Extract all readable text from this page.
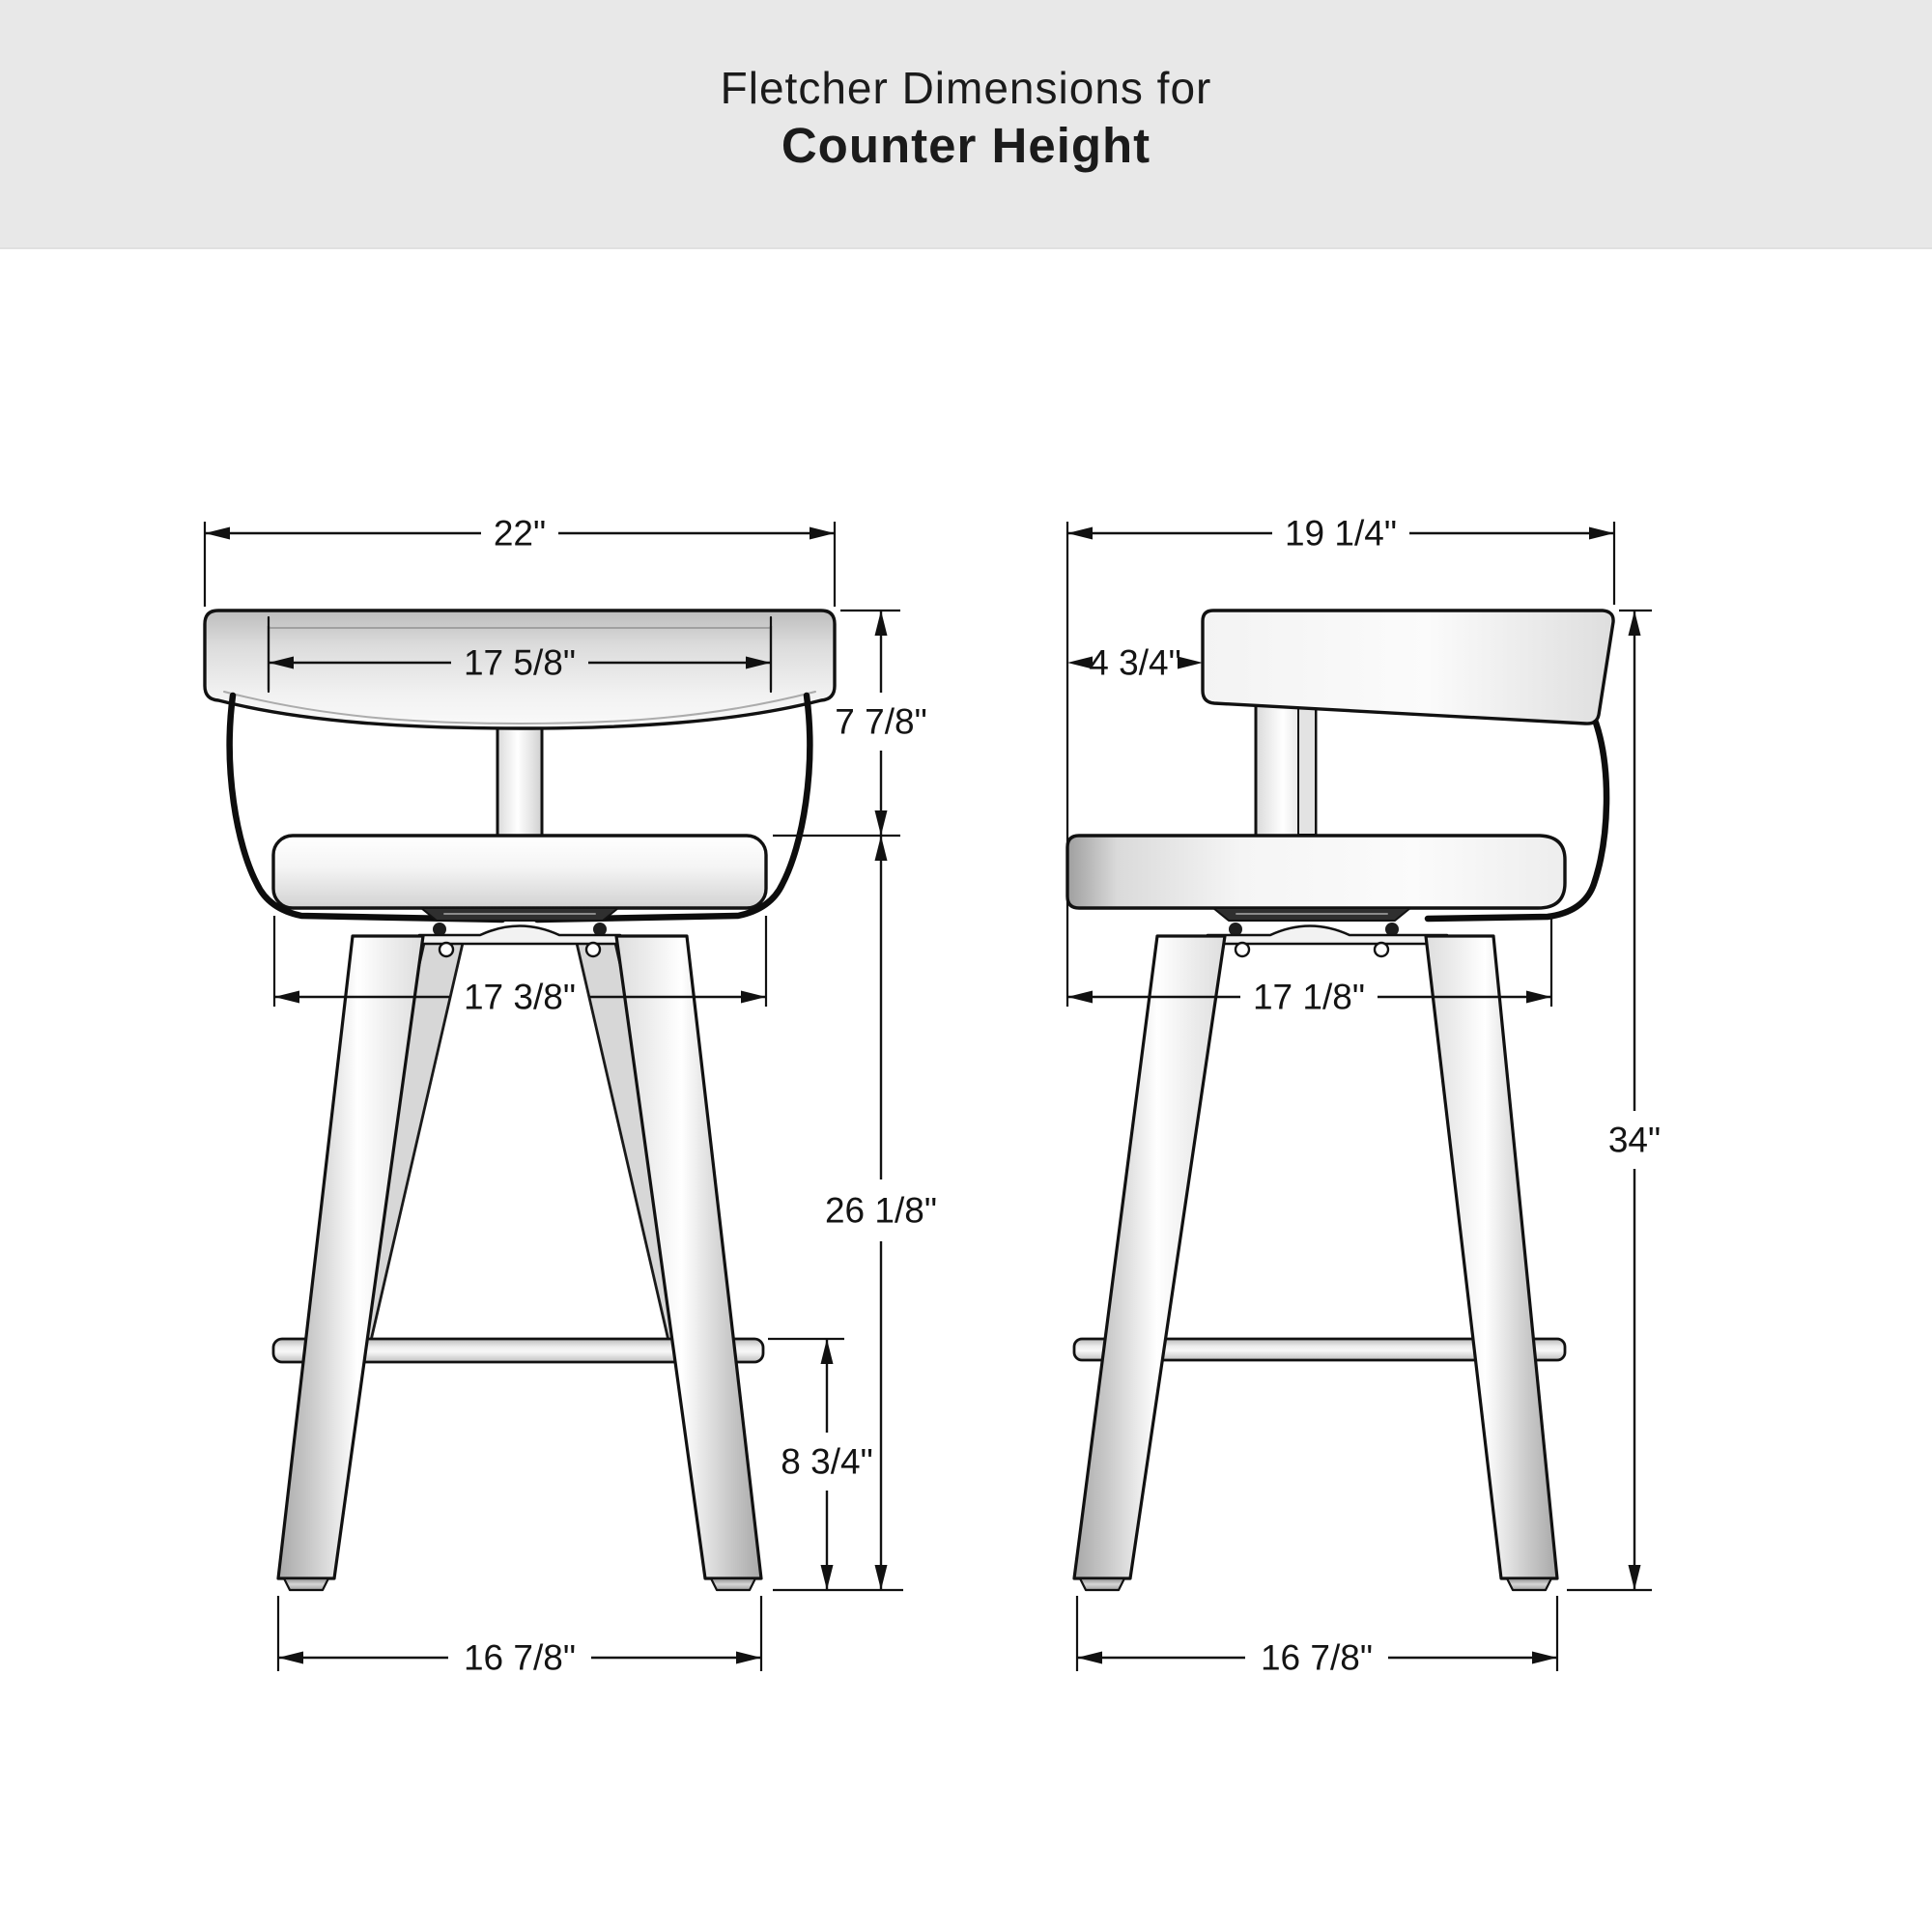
Fletcher Dimensions for
Counter Height
22"
17 5/8"
7 7/8"
26 1/8"
17 3/8"
8 3/4"
16 7/8"
19 1/4"
4 3/4"
17 1/8"
34"
16 7/8"
